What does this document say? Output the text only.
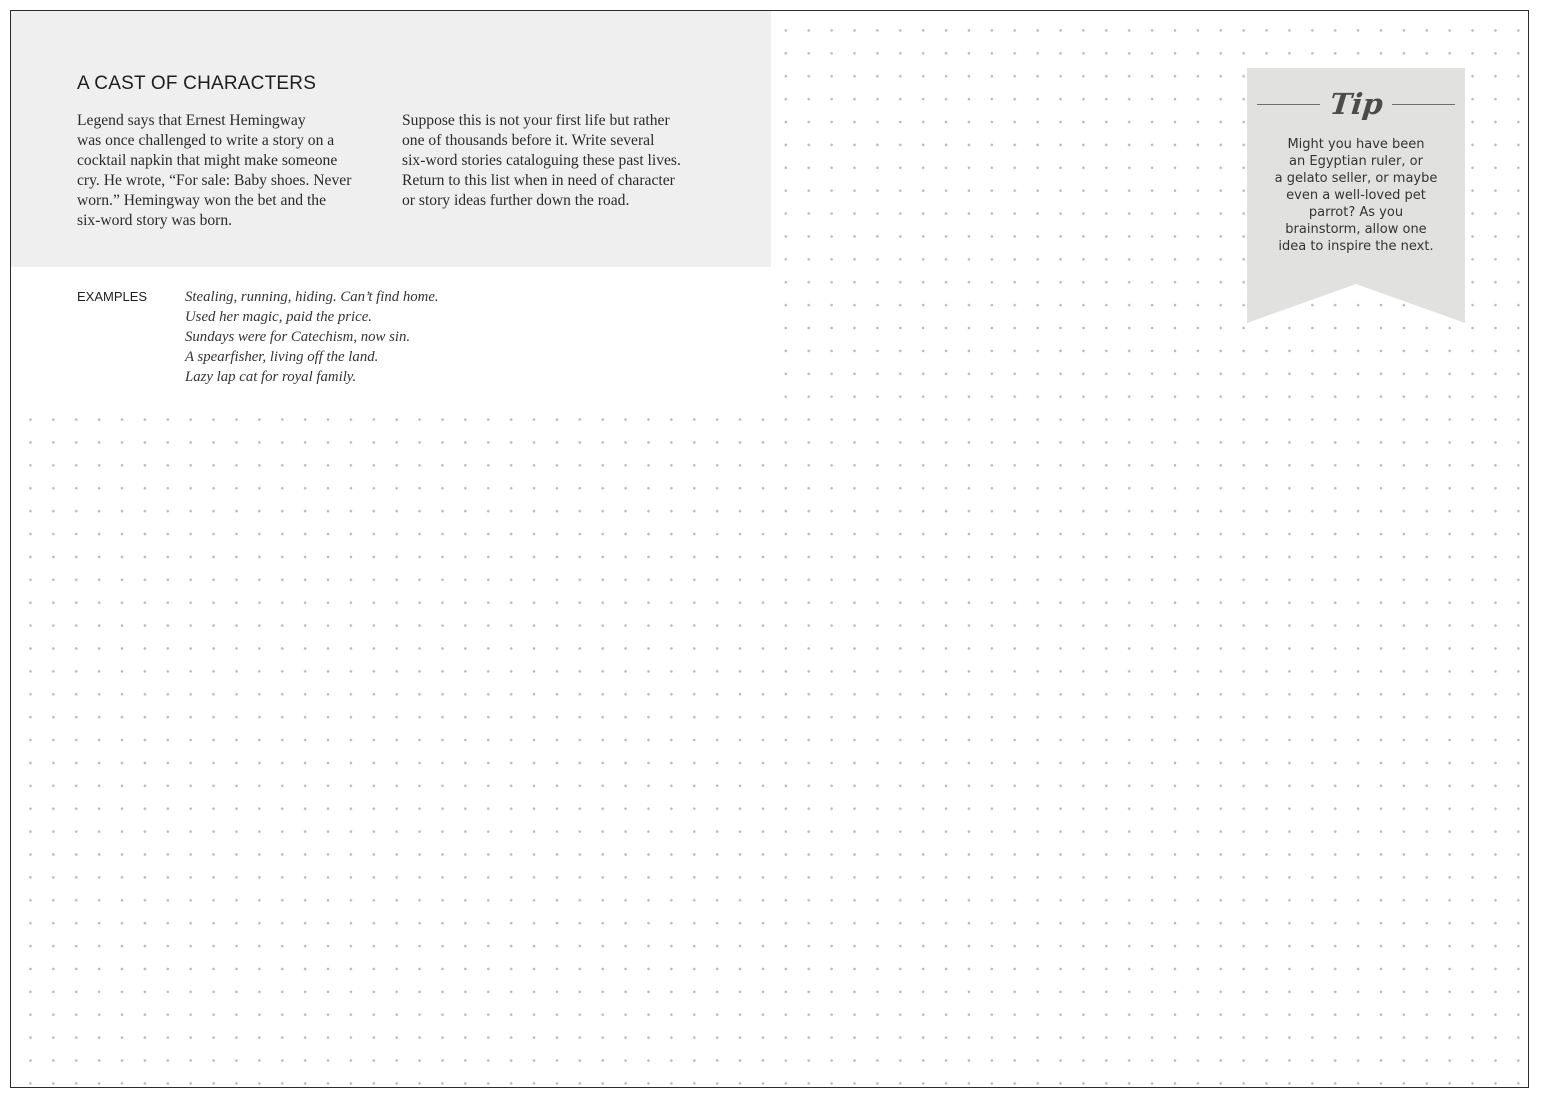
A CAST OF CHARACTERS

Legend says that Ernest Hemingway
was once challenged to write a story on a
cocktail napkin that might make someone
cry. He wrote, “For sale: Baby shoes. Never
worn.” Hemingway won the bet and the
six-word story was born.

Suppose this is not your first life but rather
one of thousands before it. Write several
six-word stories cataloguing these past lives.
Return to this list when in need of character
or story ideas further down the road.

EXAMPLES	Stealing, running, hiding. Can’t find home.
Used her magic, paid the price.
Sundays were for Catechism, now sin.
A spearfisher, living off the land.
Lazy lap cat for royal family.
Tip

Might you have been
an Egyptian ruler, or
a gelato seller, or maybe
even a well-loved pet
parrot? As you
brainstorm, allow one
idea to inspire the next.
